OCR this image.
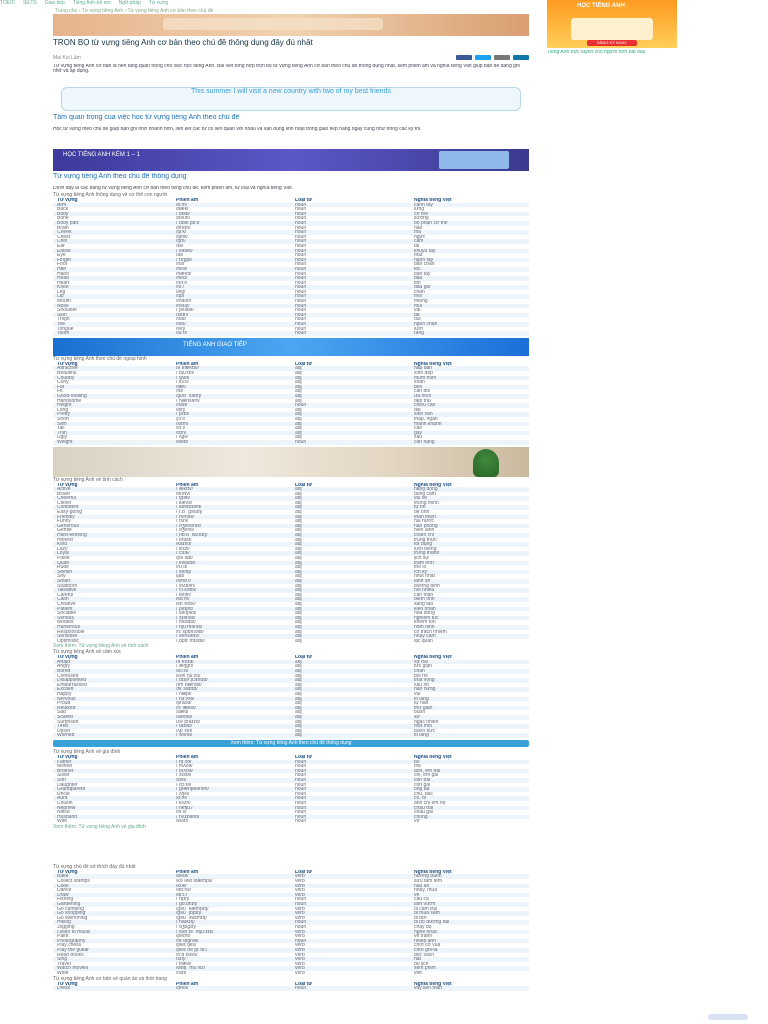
TOEIC IELTS Giao tiếp Tiếng Anh trẻ em Ngữ pháp Từ vựng
Trang chủ › Từ vựng tiếng Anh › Từ vựng tiếng Anh cơ bản theo chủ đề
TRỌN BỘ từ vựng tiếng Anh cơ bản theo chủ đề thông dụng đầy đủ nhất
Mai Kui Lâm
Từ vựng tiếng Anh cơ bản là nền tảng quan trọng cho việc học tiếng Anh. Bài viết tổng hợp trọn bộ từ vựng tiếng Anh cơ bản theo chủ đề thông dụng nhất, kèm phiên âm và nghĩa tiếng Việt giúp bạn dễ dàng ghi nhớ và áp dụng.
This summer I will visit a new country with two of my best friends
Tầm quan trọng của việc học từ vựng tiếng Anh theo chủ đề
Học từ vựng theo chủ đề giúp bạn ghi nhớ nhanh hơn, liên kết các từ có liên quan với nhau và vận dụng linh hoạt trong giao tiếp hằng ngày cũng như trong các kỳ thi.
HỌC TIẾNG ANH KÈM 1 – 1
Từ vựng tiếng Anh theo chủ đề thông dụng
Dưới đây là các bảng từ vựng tiếng Anh cơ bản theo từng chủ đề, kèm phiên âm, từ loại và nghĩa tiếng Việt.
Từ vựng tiếng Anh thông dụng về cơ thể con người
Từ vựng	Phiên âm	Loại từ	Nghĩa tiếng Việt
Arm	/ɑːm/	noun	cánh tay
Back	/bæk/	noun	lưng
Body	/ˈbɒdi/	noun	cơ thể
Bone	/bəʊn/	noun	xương
Body part	/ˈbɒdi pɑːt/	noun	bộ phận cơ thể
Brain	/breɪn/	noun	não
Cheek	/tʃiːk/	noun	má
Chest	/tʃest/	noun	ngực
Chin	/tʃɪn/	noun	cằm
Ear	/ɪə/	noun	tai
Elbow	/ˈelbəʊ/	noun	khuỷu tay
Eye	/aɪ/	noun	mắt
Finger	/ˈfɪŋɡə/	noun	ngón tay
Foot	/fʊt/	noun	bàn chân
Hair	/heə/	noun	tóc
Hand	/hænd/	noun	bàn tay
Head	/hed/	noun	đầu
Heart	/hɑːt/	noun	tim
Knee	/niː/	noun	đầu gối
Leg	/leɡ/	noun	chân
Lip	/lɪp/	noun	môi
Mouth	/maʊθ/	noun	miệng
Nose	/nəʊz/	noun	mũi
Shoulder	/ˈʃəʊldə/	noun	vai
Skin	/skɪn/	noun	da
Thigh	/θaɪ/	noun	đùi
Toe	/təʊ/	noun	ngón chân
Tongue	/tʌŋ/	noun	lưỡi
Tooth	/tuːθ/	noun	răng
TIẾNG ANH GIAO TIẾP
Từ vựng tiếng Anh theo chủ đề ngoại hình
Từ vựng	Phiên âm	Loại từ	Nghĩa tiếng Việt
Attractive	/əˈtræktɪv/	adj	hấp dẫn
Beautiful	/ˈbjuːtɪfl/	adj	xinh đẹp
Chubby	/ˈtʃʌbi/	adj	mũm mĩm
Curly	/ˈkɜːli/	adj	xoăn
Fat	/fæt/	adj	béo
Fit	/fɪt/	adj	cân đối
Good-looking	/ɡʊd ˈlʊkɪŋ/	adj	ưa nhìn
Handsome	/ˈhænsəm/	adj	đẹp trai
Height	/haɪt/	noun	chiều cao
Long	/lɒŋ/	adj	dài
Pretty	/ˈprɪti/	adj	xinh xắn
Short	/ʃɔːt/	adj	thấp, ngắn
Slim	/slɪm/	adj	mảnh khảnh
Tall	/tɔːl/	adj	cao
Thin	/θɪn/	adj	gầy
Ugly	/ˈʌɡli/	adj	xấu
Weight	/weɪt/	noun	cân nặng
Từ vựng tiếng Anh về tính cách
Từ vựng	Phiên âm	Loại từ	Nghĩa tiếng Việt
Active	/ˈæktɪv/	adj	năng động
Brave	/breɪv/	adj	dũng cảm
Cheerful	/ˈtʃɪəfl/	adj	vui vẻ
Clever	/ˈklevə/	adj	thông minh
Confident	/ˈkɒnfɪdənt/	adj	tự tin
Easy-going	/ˌiːzi ˈɡəʊɪŋ/	adj	dễ tính
Friendly	/ˈfrendli/	adj	thân thiện
Funny	/ˈfʌni/	adj	hài hước
Generous	/ˈdʒenərəs/	adj	hào phóng
Gentle	/ˈdʒentl/	adj	hiền lành
Hard-working	/ˌhɑːd ˈwɜːkɪŋ/	adj	chăm chỉ
Honest	/ˈɒnɪst/	adj	trung thực
Kind	/kaɪnd/	adj	tốt bụng
Lazy	/ˈleɪzi/	adj	lười biếng
Loyal	/ˈlɔɪəl/	adj	trung thành
Polite	/pəˈlaɪt/	adj	lịch sự
Quiet	/ˈkwaɪət/	adj	trầm tính
Rude	/ruːd/	adj	thô lỗ
Selfish	/ˈselfɪʃ/	adj	ích kỷ
Shy	/ʃaɪ/	adj	nhút nhát
Smart	/smɑːt/	adj	lanh lợi
Stubborn	/ˈstʌbən/	adj	bướng bỉnh
Talkative	/ˈtɔːkətɪv/	adj	nói nhiều
Careful	/ˈkeəfl/	adj	cẩn thận
Calm	/kɑːm/	adj	điềm tĩnh
Creative	/kriˈeɪtɪv/	adj	sáng tạo
Patient	/ˈpeɪʃnt/	adj	kiên nhẫn
Sociable	/ˈsəʊʃəbl/	adj	hòa đồng
Serious	/ˈsɪəriəs/	adj	nghiêm túc
Modest	/ˈmɒdɪst/	adj	khiêm tốn
Humorous	/ˈhjuːmərəs/	adj	hóm hỉnh
Responsible	/rɪˈspɒnsəbl/	adj	có trách nhiệm
Sensitive	/ˈsensətɪv/	adj	nhạy cảm
Optimistic	/ˌɒptɪˈmɪstɪk/	adj	lạc quan
Xem thêm: Từ vựng tiếng Anh về tính cách
Từ vựng tiếng Anh về cảm xúc
Từ vựng	Phiên âm	Loại từ	Nghĩa tiếng Việt
Afraid	/əˈfreɪd/	adj	sợ hãi
Angry	/ˈæŋɡri/	adj	tức giận
Bored	/bɔːd/	adj	chán
Confused	/kənˈfjuːzd/	adj	bối rối
Disappointed	/ˌdɪsəˈpɔɪntɪd/	adj	thất vọng
Embarrassed	/ɪmˈbærəst/	adj	xấu hổ
Excited	/ɪkˈsaɪtɪd/	adj	hào hứng
Happy	/ˈhæpi/	adj	vui
Nervous	/ˈnɜːvəs/	adj	lo lắng
Proud	/praʊd/	adj	tự hào
Relaxed	/rɪˈlækst/	adj	thư giãn
Sad	/sæd/	adj	buồn
Scared	/skeəd/	adj	sợ
Surprised	/səˈpraɪzd/	adj	ngạc nhiên
Tired	/ˈtaɪəd/	adj	mệt mỏi
Upset	/ʌpˈset/	adj	buồn bực
Worried	/ˈwʌrid/	adj	lo lắng
Xem thêm: Từ vựng tiếng Anh theo chủ đề thông dụng
Từ vựng tiếng Anh về gia đình
Từ vựng	Phiên âm	Loại từ	Nghĩa tiếng Việt
Father	/ˈfɑːðə/	noun	bố
Mother	/ˈmʌðə/	noun	mẹ
Brother	/ˈbrʌðə/	noun	anh, em trai
Sister	/ˈsɪstə/	noun	chị, em gái
Son	/sʌn/	noun	con trai
Daughter	/ˈdɔːtə/	noun	con gái
Grandparent	/ˈɡrænpeərənt/	noun	ông bà
Uncle	/ˈʌŋkl/	noun	chú, bác
Aunt	/ɑːnt/	noun	cô, dì
Cousin	/ˈkʌzn/	noun	anh chị em họ
Nephew	/ˈnefjuː/	noun	cháu trai
Niece	/niːs/	noun	cháu gái
Husband	/ˈhʌzbənd/	noun	chồng
Wife	/waɪf/	noun	vợ
Xem thêm: Từ vựng tiếng Anh về gia đình
Từ vựng chủ đề sở thích đầy đủ nhất
Từ vựng	Phiên âm	Loại từ	Nghĩa tiếng Việt
Bake	/beɪk/	verb	nướng bánh
Collect stamps	/kəˈlekt stæmps/	verb	sưu tầm tem
Cook	/kʊk/	verb	nấu ăn
Dance	/dɑːns/	verb	nhảy, múa
Draw	/drɔː/	verb	vẽ
Fishing	/ˈfɪʃɪŋ/	noun	câu cá
Gardening	/ˈɡɑːdnɪŋ/	noun	làm vườn
Go camping	/ɡəʊ ˈkæmpɪŋ/	verb	đi cắm trại
Go shopping	/ɡəʊ ˈʃɒpɪŋ/	verb	đi mua sắm
Go swimming	/ɡəʊ ˈswɪmɪŋ/	verb	đi bơi
Hiking	/ˈhaɪkɪŋ/	noun	đi bộ đường dài
Jogging	/ˈdʒɒɡɪŋ/	noun	chạy bộ
Listen to music	/ˈlɪsn tə ˈmjuːzɪk/	verb	nghe nhạc
Paint	/peɪnt/	verb	vẽ tranh
Photography	/fəˈtɒɡrəfi/	noun	nhiếp ảnh
Play chess	/pleɪ tʃes/	verb	chơi cờ vua
Play the guitar	/pleɪ ðə ɡɪˈtɑː/	verb	chơi ghi-ta
Read books	/riːd bʊks/	verb	đọc sách
Sing	/sɪŋ/	verb	hát
Travel	/ˈtrævl/	verb	du lịch
Watch movies	/wɒtʃ ˈmuːviz/	verb	xem phim
Write	/raɪt/	verb	viết
Từ vựng tiếng Anh cơ bản về quần áo và thời trang
Từ vựng	Phiên âm	Loại từ	Nghĩa tiếng Việt
Dress	/dres/	noun	váy liền thân
HỌC TIẾNG ANH
ĐĂNG KÝ NGAY
Tiếng Anh trực tuyến cho người mới bắt đầu
